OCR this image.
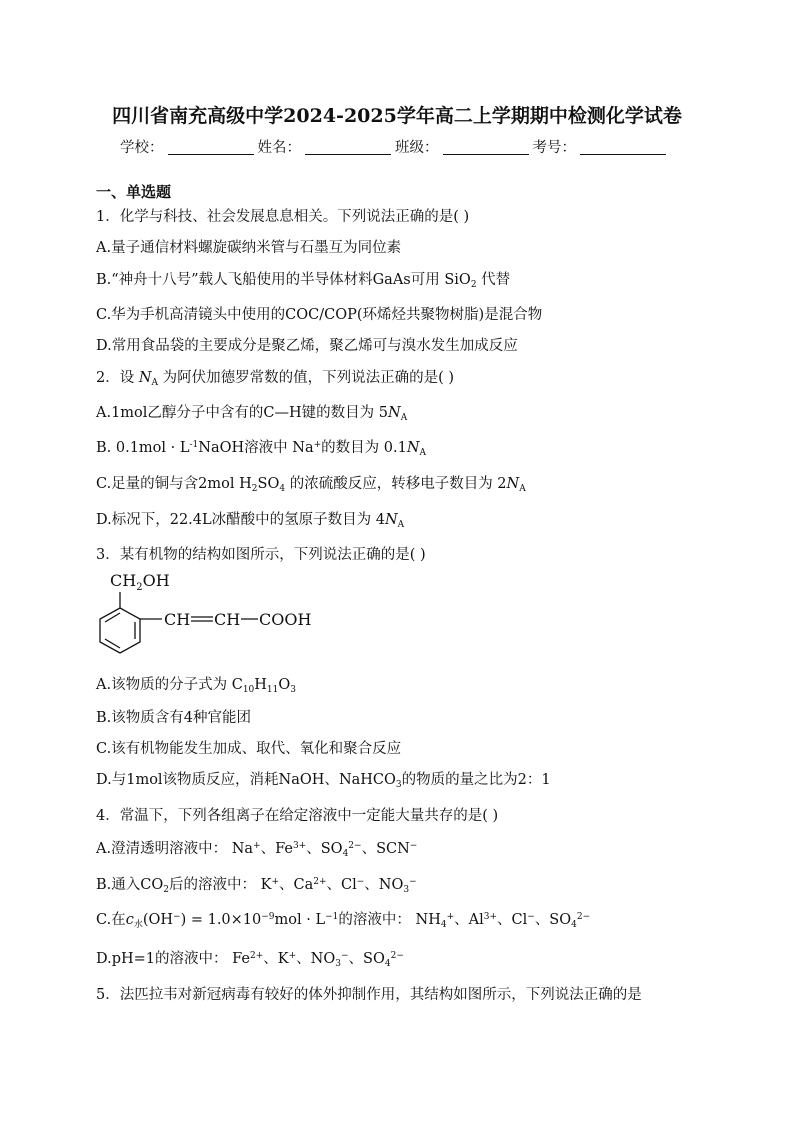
四川省南充高级中学2024-2025学年高二上学期期中检测化学试卷
学校：	姓名：	班级：	考号：
一、单选题
1．化学与科技、社会发展息息相关。下列说法正确的是( )
A.量子通信材料螺旋碳纳米管与石墨互为同位素
B.“神舟十八号”载人飞船使用的半导体材料GaAs可用 SiO$_2$ 代替
C.华为手机高清镜头中使用的COC/COP(环烯烃共聚物树脂)是混合物
D.常用食品袋的主要成分是聚乙烯，聚乙烯可与溴水发生加成反应
2．设 $N_A$ 为阿伏加德罗常数的值，下列说法正确的是( )
A.1mol乙醇分子中含有的C—H键的数目为 $5N_A$
B. $0.1mol \cdot L^{-1}NaOH$溶液中 Na+的数目为 $0.1N_A$
C.足量的铜与含2mol $H_2SO_4$ 的浓硫酸反应，转移电子数目为 $2N_A$
D.标况下，22.4L冰醋酸中的氢原子数目为 $4N_A$
3．某有机物的结构如图所示，下列说法正确的是( )
$CH_2OH$
CH CH COOH
A.该物质的分子式为 $C_{10}H_{11}O_3$
B.该物质含有4种官能团
C.该有机物能发生加成、取代、氧化和聚合反应
D.与1mol该物质反应，消耗NaOH、NaHCO$_3$的物质的量之比为2：1
4．常温下，下列各组离子在给定溶液中一定能大量共存的是( )
A.澄清透明溶液中： Na+、$Fe^{3+}$、$SO_4^{2-}$、SCN−
B.通入$CO_2$后的溶液中： K+、$Ca^{2+}$、Cl−、$NO_3^-$
C.在$c_水(OH^-) = 1.0\times 10^{-9}mol \cdot L^{-1}$的溶液中： $NH_4^+$、$Al^{3+}$、Cl−、$SO_4^{2-}$
D.pH=1的溶液中： $Fe^{2+}$、K+、$NO_3^-$、$SO_4^{2-}$
5．法匹拉韦对新冠病毒有较好的体外抑制作用，其结构如图所示，下列说法正确的是
